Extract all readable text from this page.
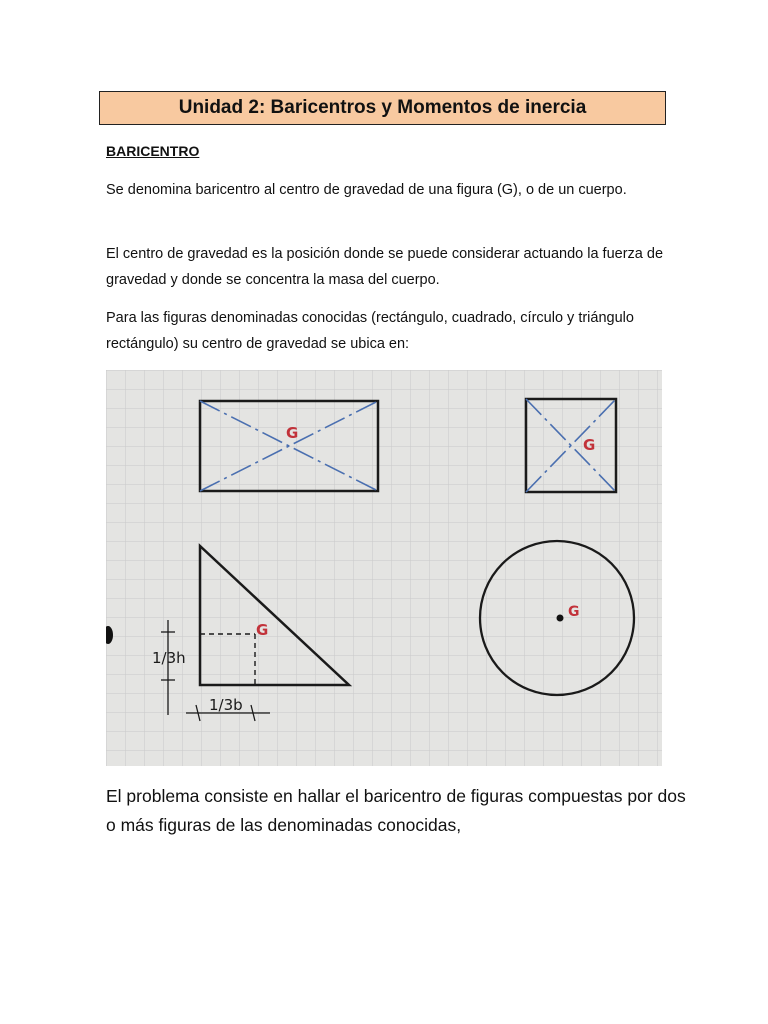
Unidad 2: Baricentros y Momentos de inercia
BARICENTRO
Se denomina baricentro al centro de gravedad de una figura (G), o de un cuerpo.
El centro de gravedad es la posición donde se puede considerar actuando la fuerza de gravedad y donde se concentra la masa del cuerpo.
Para las figuras denominadas conocidas (rectángulo, cuadrado, círculo y triángulo rectángulo) su centro de gravedad se ubica en:
G
G
G
1/3h
1/3b
G
El problema consiste en hallar el baricentro de figuras compuestas por dos o más figuras de las denominadas conocidas,
